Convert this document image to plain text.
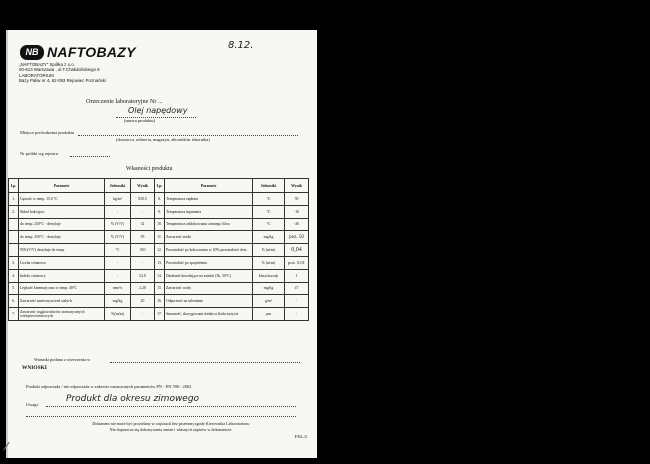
NB NAFTOBAZY	8.12.
„NAFTOBAZY" Spółka z o.o.
00-613 Warszawa , ul.T.Chałubińskiego 8
LABORATORIUM
Bazy Paliw nr 4, 62-093 Rejowiec Poznański
Orzeczenie laboratoryjne Nr ...
Olej napędowy
(nazwa produktu)
Miejsce pochodzenia produktu
(dostawca, rafineria, magazyn, zbiornik/nr zbiornika)
Nr próbki wg rejestru
Własności produktu
Lp.	Parametr	Jednostki	Wynik	Lp.	Parametr	Jednostki	Wynik
1.	Gęstość w temp. 15,0 °C	kg/m³	830,5	8.	Temperatura zapłonu	°C	59
2.	Skład frakcyjny:	-	-	9.	Temperatura mętnienia	°C	-10
	do temp. 250°C - destyluje	% (V/V)	32	10.	Temperatura zablokowania zimnego filtra	°C	-26
	do temp. 350°C - destyluje	% (V/V)	95	11.	Zawartość siarki	mg/kg	poz. 50
	95%(V/V) destyluje do temp.	°C	350	12.	Pozostałość po koksowaniu w 10% pozostałości dest.	% (m/m)	0,04
3.	Liczba cetanowa	-	-	13.	Pozostałość po spopieleniu	% (m/m)	poz. 0,01
4.	Indeks cetanowy	-	52,8	14.	Działanie korodujące na miedzi (3h, 50°C)	klasa korozji	1
5.	Lepkość kinematyczna w temp. 40°C	mm²/s	2,28	15.	Zawartość wody	mg/kg	47
6.	Zawartość zanieczyszczeń stałych	mg/kg	20	16.	Odporność na utlenianie	g/m³	-
7.	Zawartość węglowodorów aromatycznych wielopierścieniowych	%(m/m)	-	17.	Smarność, skorygowana średnica śladu zużycia	µm	-
Warunki podano z orzeczenia w
WNIOSKI
Produkt odpowiada / nie odpowiada w zakresie oznaczonych parametrów PN - EN 590 : 2002
Uwagi:
Produkt dla okresu zimowego
Dokument nie może być powielany w częściach bez pisemnej zgody Kierownika Laboratorium.
Nie dopuszcza się dokonywania zmian i własnych zapisów w dokumencie.
F/KL/2
